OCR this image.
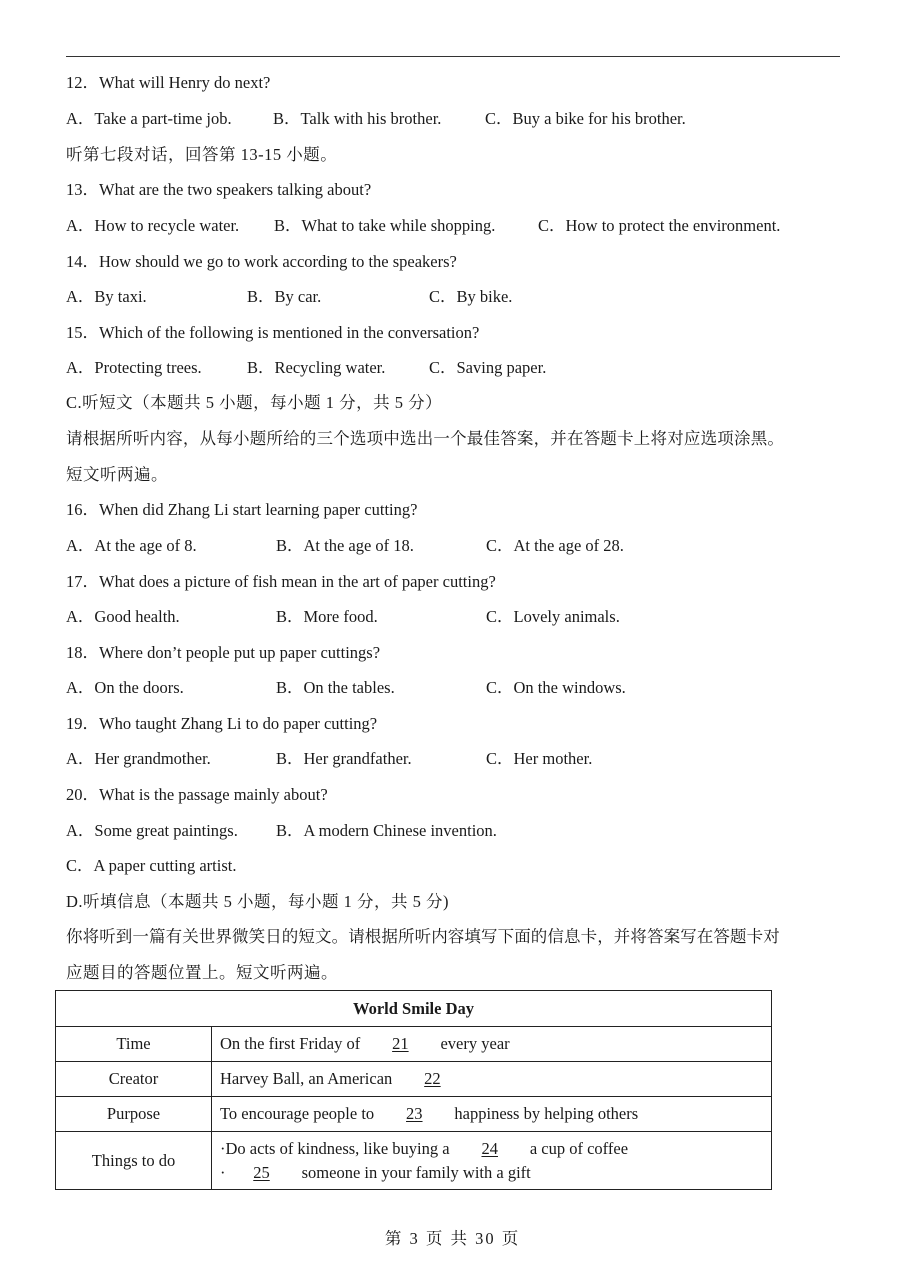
12．What will Henry do next?
A．Take a part-time job.	B．Talk with his brother.	C．Buy a bike for his brother.
听第七段对话，回答第 13-15 小题。
13．What are the two speakers talking about?
A．How to recycle water. B．What to take while shopping.	C．How to protect the environment.
14．How should we go to work according to the speakers?
A．By taxi.	B．By car.	C．By bike.
15．Which of the following is mentioned in the conversation?
A．Protecting trees.	B．Recycling water.	C．Saving paper.
C.听短文（本题共 5 小题，每小题 1 分，共 5 分）
请根据所听内容，从每小题所给的三个选项中选出一个最佳答案，并在答题卡上将对应选项涂黑。
短文听两遍。
16．When did Zhang Li start learning paper cutting?
A．At the age of 8.	B．At the age of 18.	C．At the age of 28.
17．What does a picture of fish mean in the art of paper cutting?
A．Good health.	B．More food.	C．Lovely animals.
18．Where don’t people put up paper cuttings?
A．On the doors.	B．On the tables.	C．On the windows.
19．Who taught Zhang Li to do paper cutting?
A．Her grandmother.	B．Her grandfather.	C．Her mother.
20．What is the passage mainly about?
A．Some great paintings. B．A modern Chinese invention.
C．A paper cutting artist.
D.听填信息（本题共 5 小题，每小题 1 分，共 5 分)
你将听到一篇有关世界微笑日的短文。请根据所听内容填写下面的信息卡，并将答案写在答题卡对
应题目的答题位置上。短文听两遍。
World Smile Day	
Time	On the first Friday of 21 every year
Creator	Harvey Ball, an American 22
Purpose	To encourage people to 23 happiness by helping others
Things to do	·Do acts of kindness, like buying a 24 a cup of coffee
· 25 someone in your family with a gift
第 3 页 共 30 页
